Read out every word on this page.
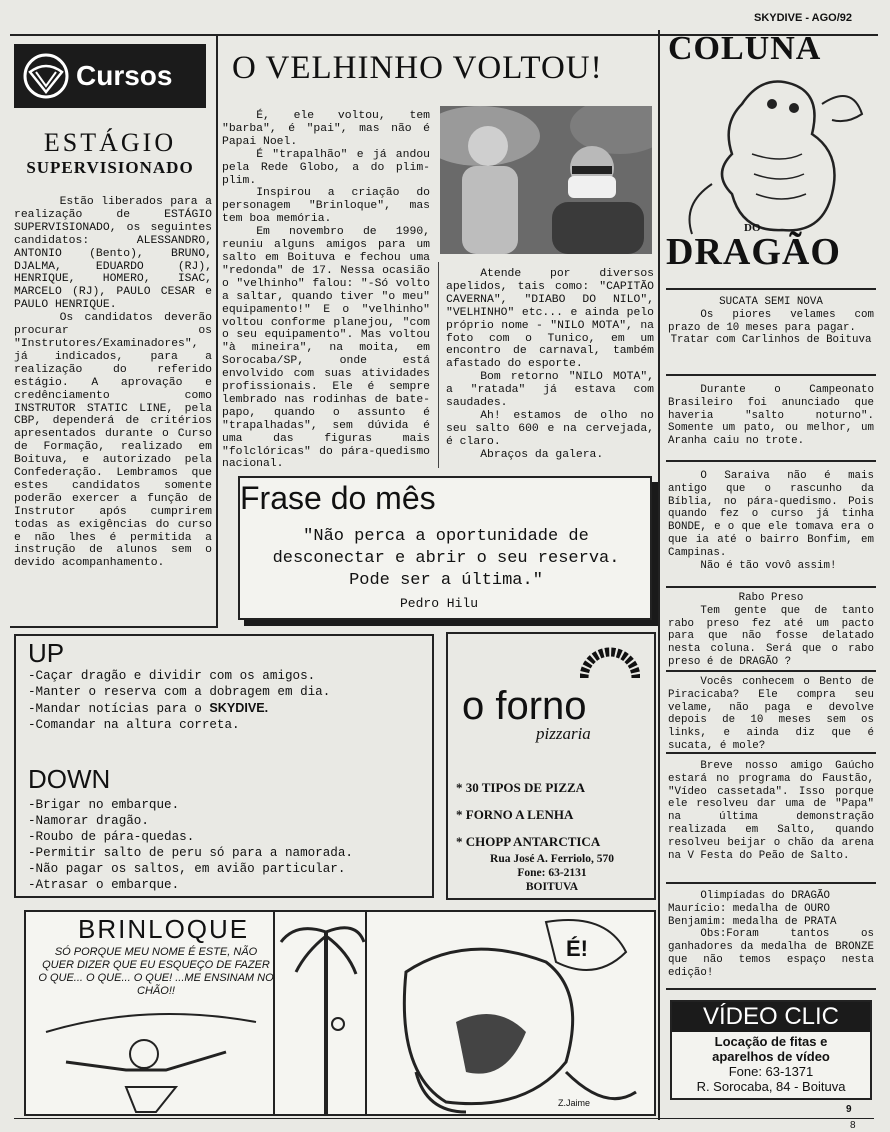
SKYDIVE - AGO/92
Cursos
ESTÁGIO
SUPERVISIONADO

Estão liberados para a realização de ESTÁGIO SUPERVISIONADO, os seguintes candidatos: ALESSANDRO, ANTONIO (Bento), BRUNO, DJALMA, EDUARDO (RJ), HENRIQUE, HOMERO, ISAC, MARCELO (RJ), PAULO CESAR e PAULO HENRIQUE.

Os candidatos deverão procurar os "Instrutores/Examinadores", já indicados, para a realização do referido estágio. A aprovação e credênciamento como INSTRUTOR STATIC LINE, pela CBP, dependerá de critérios apresentados durante o Curso de Formação, realizado em Boituva, e autorizado pela Confederação. Lembramos que estes candidatos somente poderão exercer a função de Instrutor após cumprirem todas as exigências do curso e não lhes é permitida a instrução de alunos sem o devido acompanhamento.

O VELHINHO VOLTOU!

É, ele voltou, tem "barba", é "pai", mas não é Papai Noel.

É "trapalhão" e já andou pela Rede Globo, a do plim-plim.

Inspirou a criação do personagem "Brinloque", mas tem boa memória.

Em novembro de 1990, reuniu alguns amigos para um salto em Boituva e fechou uma "redonda" de 17. Nessa ocasião o "velhinho" falou: "-Só volto a saltar, quando tiver "o meu" equipamento!" E o "velhinho" voltou conforme planejou, "com o seu equipamento". Mas voltou "à mineira", na moita, em Sorocaba/SP, onde está envolvido com suas atividades profissionais. Ele é sempre lembrado nas rodinhas de bate-papo, quando o assunto é "trapalhadas", sem dúvida é uma das figuras mais "folclóricas" do pára-quedismo nacional.

Atende por diversos apelidos, tais como: "CAPITÃO CAVERNA", "DIABO DO NILO", "VELHINHO" etc... e ainda pelo próprio nome - "NILO MOTA", na foto com o Tunico, em um encontro de carnaval, também afastado do esporte.

Bom retorno "NILO MOTA", a "ratada" já estava com saudades.

Ah! estamos de olho no seu salto 600 e na cervejada, é claro.

Abraços da galera.

Frase do mês
"Não perca a oportunidade de desconectar e abrir o seu reserva. Pode ser a última."
Pedro Hilu
UP
-Caçar dragão e dividir com os amigos.
-Manter o reserva com a dobragem em dia.
-Mandar notícias para o SKYDIVE.
-Comandar na altura correta.
DOWN
-Brigar no embarque.
-Namorar dragão.
-Roubo de pára-quedas.
-Permitir salto de peru só para a namorada.
-Não pagar os saltos, em avião particular.
-Atrasar o embarque.
o forno
pizzaria
* 30 TIPOS DE PIZZA
* FORNO A LENHA
* CHOPP ANTARCTICA
Rua José A. Ferriolo, 570
Fone: 63-2131
BOITUVA
BRINLOQUE
SÓ PORQUE MEU NOME É ESTE, NÃO QUER DIZER QUE EU ESQUEÇO DE FAZER O QUE... O QUE... O QUE! ...ME ENSINAM NO CHÃO!!
É!
Z.Jaime
COLUNA
DO
DRAGÃO
SUCATA SEMI NOVA

Os piores velames com prazo de 10 meses para pagar.

Tratar com Carlinhos de Boituva

Durante o Campeonato Brasileiro foi anunciado que haveria "salto noturno". Somente um pato, ou melhor, um Aranha caiu no trote.

O Saraiva não é mais antigo que o rascunho da Bíblia, no pára-quedismo. Pois quando fez o curso já tinha BONDE, e o que ele tomava era o que ia até o bairro Bonfim, em Campinas.

Não é tão vovô assim!

Rabo Preso

Tem gente que de tanto rabo preso fez até um pacto para que não fosse delatado nesta coluna. Será que o rabo preso é de DRAGÃO ?

Vocês conhecem o Bento de Piracicaba? Ele compra seu velame, não paga e devolve depois de 10 meses sem os links, e ainda diz que é sucata, é mole?

Breve nosso amigo Gaúcho estará no programa do Faustão, "Vídeo cassetada". Isso porque ele resolveu dar uma de "Papa" na última demonstração realizada em Salto, quando resolveu beijar o chão da arena na V Festa do Peão de Salto.

Olimpíadas do DRAGÃO

Maurício: medalha de OURO
Benjamim: medalha de PRATA

Obs:Foram tantos os ganhadores da medalha de BRONZE que não temos espaço nesta edição!

VÍDEO CLIC
Locação de fitas e
aparelhos de vídeo
Fone: 63-1371
R. Sorocaba, 84 - Boituva
9
8
